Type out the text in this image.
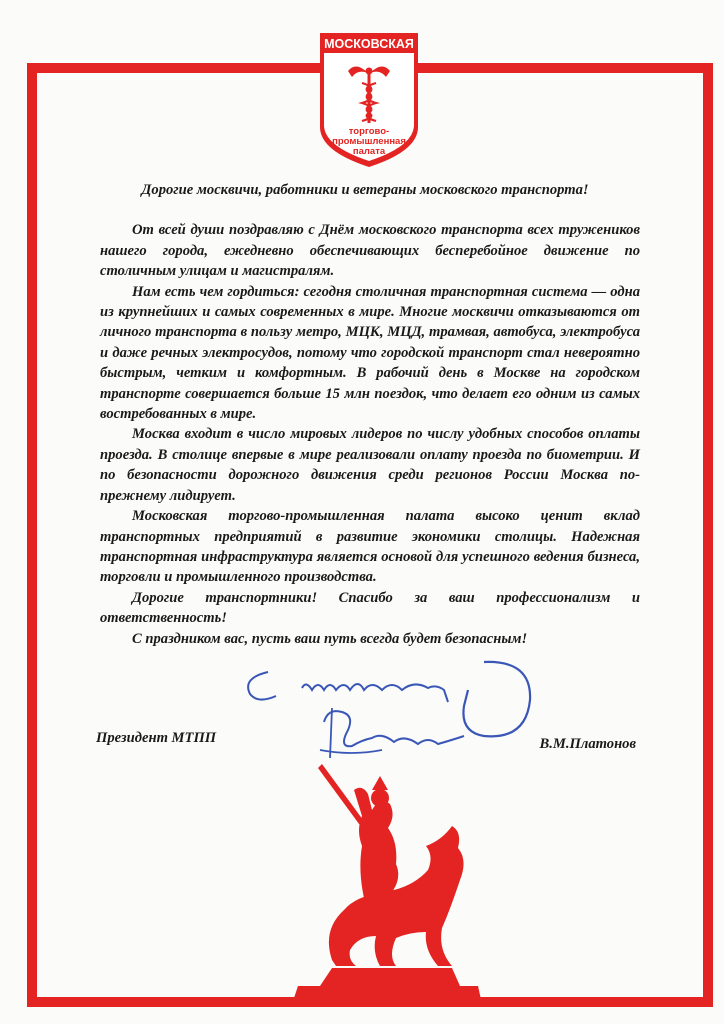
МОСКОВСКАЯ
торгово-
промышленная
палата

Дорогие москвичи, работники и ветераны московского транспорта!

От всей души поздравляю с Днём московского транспорта всех тружеников нашего города, ежедневно обеспечивающих бесперебойное движение по столичным улицам и магистралям.

Нам есть чем гордиться: сегодня столичная транспортная система — одна из крупнейших и самых современных в мире. Многие москвичи отказываются от личного транспорта в пользу метро, МЦК, МЦД, трамвая, автобуса, электробуса и даже речных электросудов, потому что городской транспорт стал невероятно быстрым, четким и комфортным. В рабочий день в Москве на городском транспорте совершается больше 15 млн поездок, что делает его одним из самых востребованных в мире.

Москва входит в число мировых лидеров по числу удобных способов оплаты проезда. В столице впервые в мире реализовали оплату проезда по биометрии. И по безопасности дорожного движения среди регионов России Москва по-прежнему лидирует.

Московская торгово-промышленная палата высоко ценит вклад транспортных предприятий в развитие экономики столицы. Надежная транспортная инфраструктура является основой для успешного ведения бизнеса, торговли и промышленного производства.

Дорогие транспортники! Спасибо за ваш профессионализм и ответственность!

С праздником вас, пусть ваш путь всегда будет безопасным!

Президент МТПП	В.М.Платонов
